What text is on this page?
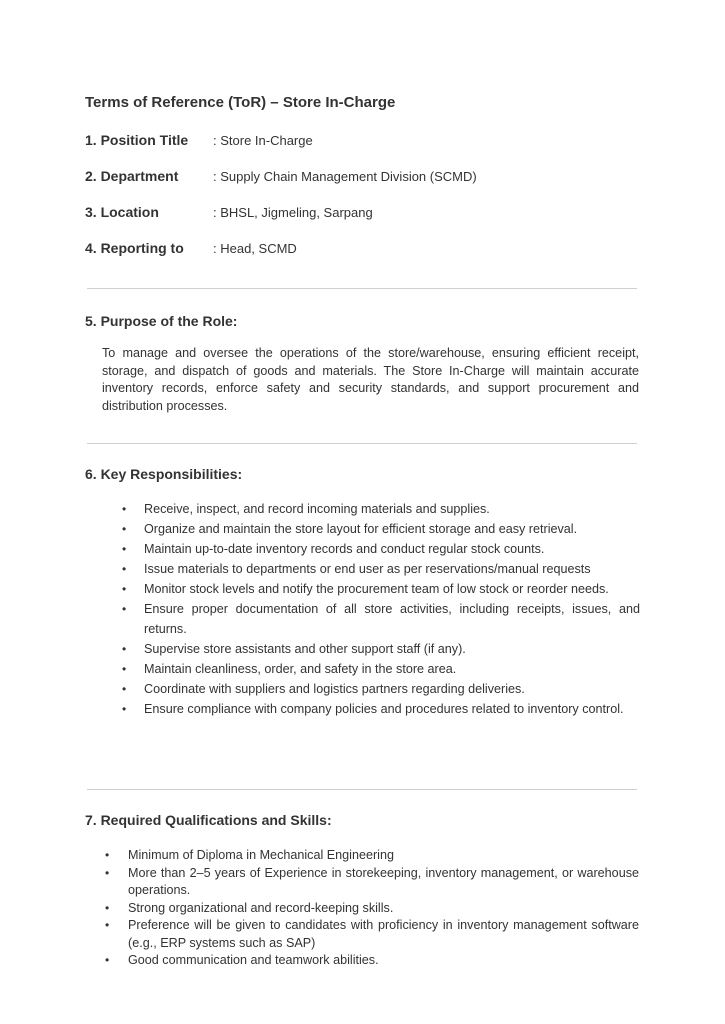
Terms of Reference (ToR) – Store In-Charge
1. Position Title : Store In-Charge
2. Department	: Supply Chain Management Division (SCMD)
3. Location	: BHSL, Jigmeling, Sarpang
4. Reporting to : Head, SCMD
5. Purpose of the Role:
To manage and oversee the operations of the store/warehouse, ensuring efficient receipt, storage, and dispatch of goods and materials. The Store In-Charge will maintain accurate inventory records, enforce safety and security standards, and support procurement and distribution processes.
6. Key Responsibilities:
• Receive, inspect, and record incoming materials and supplies.
• Organize and maintain the store layout for efficient storage and easy retrieval.
• Maintain up-to-date inventory records and conduct regular stock counts.
• Issue materials to departments or end user as per reservations/manual requests
• Monitor stock levels and notify the procurement team of low stock or reorder needs.
• Ensure proper documentation of all store activities, including receipts, issues, and returns.
• Supervise store assistants and other support staff (if any).
• Maintain cleanliness, order, and safety in the store area.
• Coordinate with suppliers and logistics partners regarding deliveries.
• Ensure compliance with company policies and procedures related to inventory control.
7. Required Qualifications and Skills:
• Minimum of Diploma in Mechanical Engineering
• More than 2–5 years of Experience in storekeeping, inventory management, or warehouse operations.
• Strong organizational and record-keeping skills.
• Preference will be given to candidates with proficiency in inventory management software (e.g., ERP systems such as SAP)
• Good communication and teamwork abilities.
